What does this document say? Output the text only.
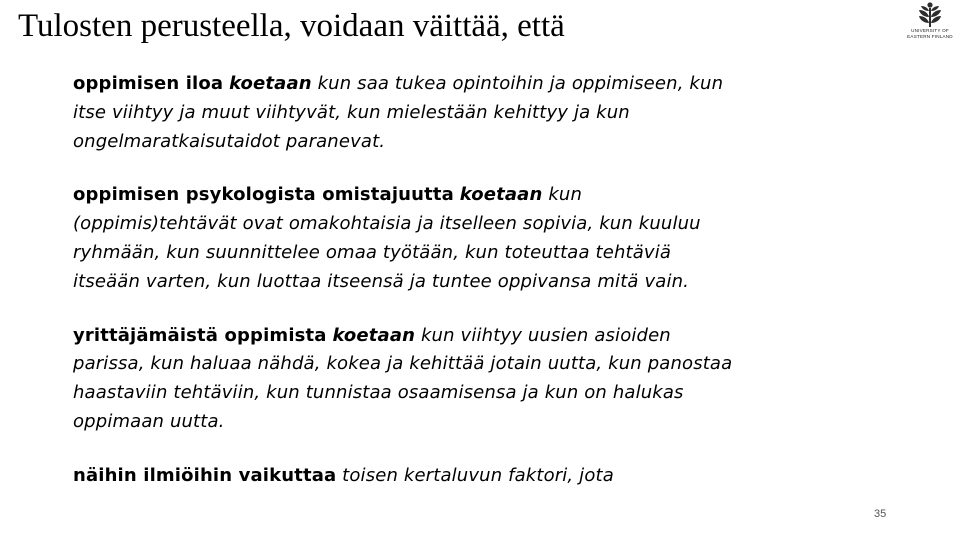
Tulosten perusteella, voidaan väittää, että	UNIVERSITY OF
EASTERN FINLAND

oppimisen iloa koetaan kun saa tukea opintoihin ja oppimiseen, kun itse viihtyy ja muut viihtyvät, kun mielestään kehittyy ja kun ongelmaratkaisutaidot paranevat.

oppimisen psykologista omistajuutta koetaan kun (oppimis)tehtävät ovat omakohtaisia ja itselleen sopivia, kun kuuluu ryhmään, kun suunnittelee omaa työtään, kun toteuttaa tehtäviä itseään varten, kun luottaa itseensä ja tuntee oppivansa mitä vain.

yrittäjämäistä oppimista koetaan kun viihtyy uusien asioiden parissa, kun haluaa nähdä, kokea ja kehittää jotain uutta, kun panostaa haastaviin tehtäviin, kun tunnistaa osaamisensa ja kun on halukas oppimaan uutta.

näihin ilmiöihin vaikuttaa toisen kertaluvun faktori, jota

35
